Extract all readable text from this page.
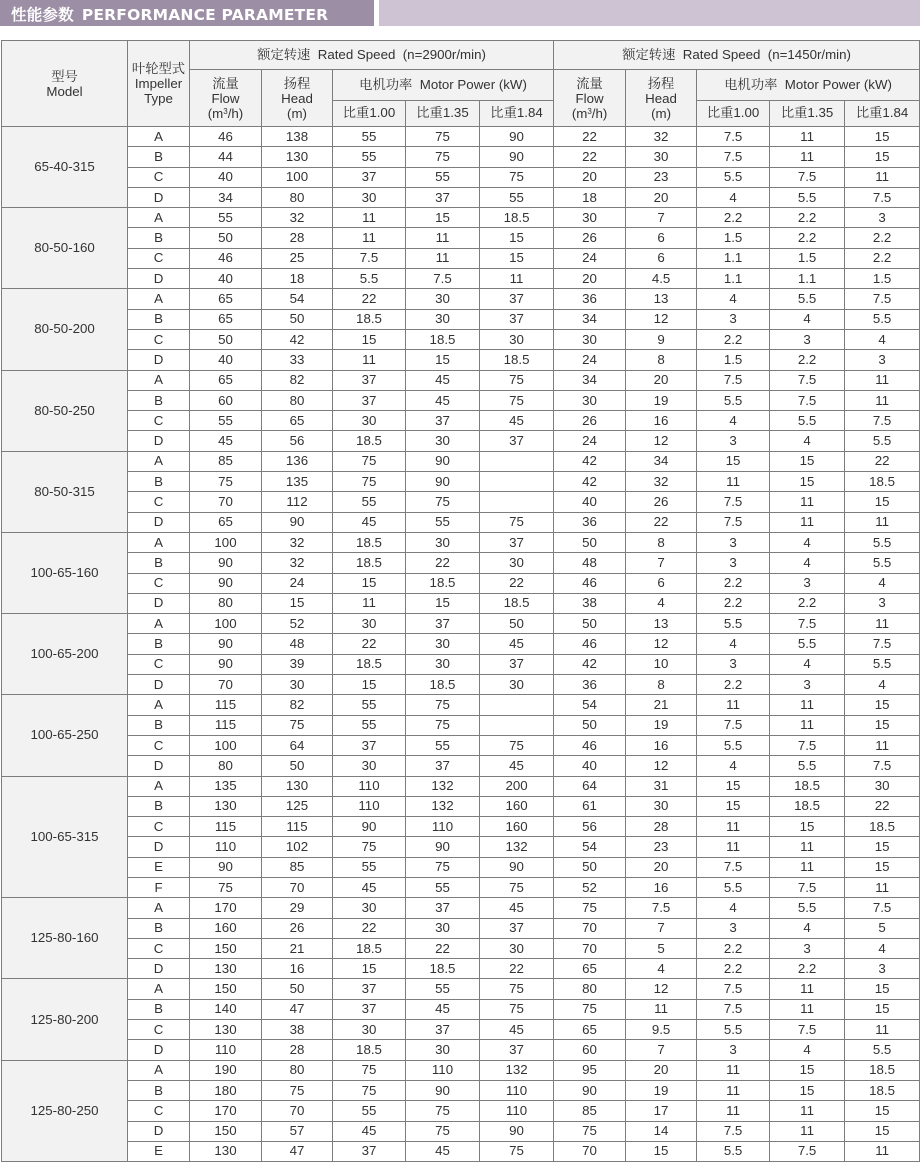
性能参数 PERFORMANCE PARAMETER
型号
Model	叶轮型式
Impeller
Type	额定转速  Rated Speed  (n=2900r/min)					额定转速  Rated Speed  (n=1450r/min)				
		流量
Flow
$(m^3/h)$	扬程
Head
(m)	电机功率  Motor Power (kW)			流量
Flow
$(m^3/h)$	扬程
Head
(m)	电机功率  Motor Power (kW)		
				比重1.00	比重1.35	比重1.84			比重1.00	比重1.35	比重1.84
65-40-315	A	46	138	55	75	90	22	32	7.5	11	15
	B	44	130	55	75	90	22	30	7.5	11	15
	C	40	100	37	55	75	20	23	5.5	7.5	11
	D	34	80	30	37	55	18	20	4	5.5	7.5
80-50-160	A	55	32	11	15	18.5	30	7	2.2	2.2	3
	B	50	28	11	11	15	26	6	1.5	2.2	2.2
	C	46	25	7.5	11	15	24	6	1.1	1.5	2.2
	D	40	18	5.5	7.5	11	20	4.5	1.1	1.1	1.5
80-50-200	A	65	54	22	30	37	36	13	4	5.5	7.5
	B	65	50	18.5	30	37	34	12	3	4	5.5
	C	50	42	15	18.5	30	30	9	2.2	3	4
	D	40	33	11	15	18.5	24	8	1.5	2.2	3
80-50-250	A	65	82	37	45	75	34	20	7.5	7.5	11
	B	60	80	37	45	75	30	19	5.5	7.5	11
	C	55	65	30	37	45	26	16	4	5.5	7.5
	D	45	56	18.5	30	37	24	12	3	4	5.5
80-50-315	A	85	136	75	90		42	34	15	15	22
	B	75	135	75	90		42	32	11	15	18.5
	C	70	112	55	75		40	26	7.5	11	15
	D	65	90	45	55	75	36	22	7.5	11	11
100-65-160	A	100	32	18.5	30	37	50	8	3	4	5.5
	B	90	32	18.5	22	30	48	7	3	4	5.5
	C	90	24	15	18.5	22	46	6	2.2	3	4
	D	80	15	11	15	18.5	38	4	2.2	2.2	3
100-65-200	A	100	52	30	37	50	50	13	5.5	7.5	11
	B	90	48	22	30	45	46	12	4	5.5	7.5
	C	90	39	18.5	30	37	42	10	3	4	5.5
	D	70	30	15	18.5	30	36	8	2.2	3	4
100-65-250	A	115	82	55	75		54	21	11	11	15
	B	115	75	55	75		50	19	7.5	11	15
	C	100	64	37	55	75	46	16	5.5	7.5	11
	D	80	50	30	37	45	40	12	4	5.5	7.5
100-65-315	A	135	130	110	132	200	64	31	15	18.5	30
	B	130	125	110	132	160	61	30	15	18.5	22
	C	115	115	90	110	160	56	28	11	15	18.5
	D	110	102	75	90	132	54	23	11	11	15
	E	90	85	55	75	90	50	20	7.5	11	15
	F	75	70	45	55	75	52	16	5.5	7.5	11
125-80-160	A	170	29	30	37	45	75	7.5	4	5.5	7.5
	B	160	26	22	30	37	70	7	3	4	5
	C	150	21	18.5	22	30	70	5	2.2	3	4
	D	130	16	15	18.5	22	65	4	2.2	2.2	3
125-80-200	A	150	50	37	55	75	80	12	7.5	11	15
	B	140	47	37	45	75	75	11	7.5	11	15
	C	130	38	30	37	45	65	9.5	5.5	7.5	11
	D	110	28	18.5	30	37	60	7	3	4	5.5
125-80-250	A	190	80	75	110	132	95	20	11	15	18.5
	B	180	75	75	90	110	90	19	11	15	18.5
	C	170	70	55	75	110	85	17	11	11	15
	D	150	57	45	75	90	75	14	7.5	11	15
	E	130	47	37	45	75	70	15	5.5	7.5	11
